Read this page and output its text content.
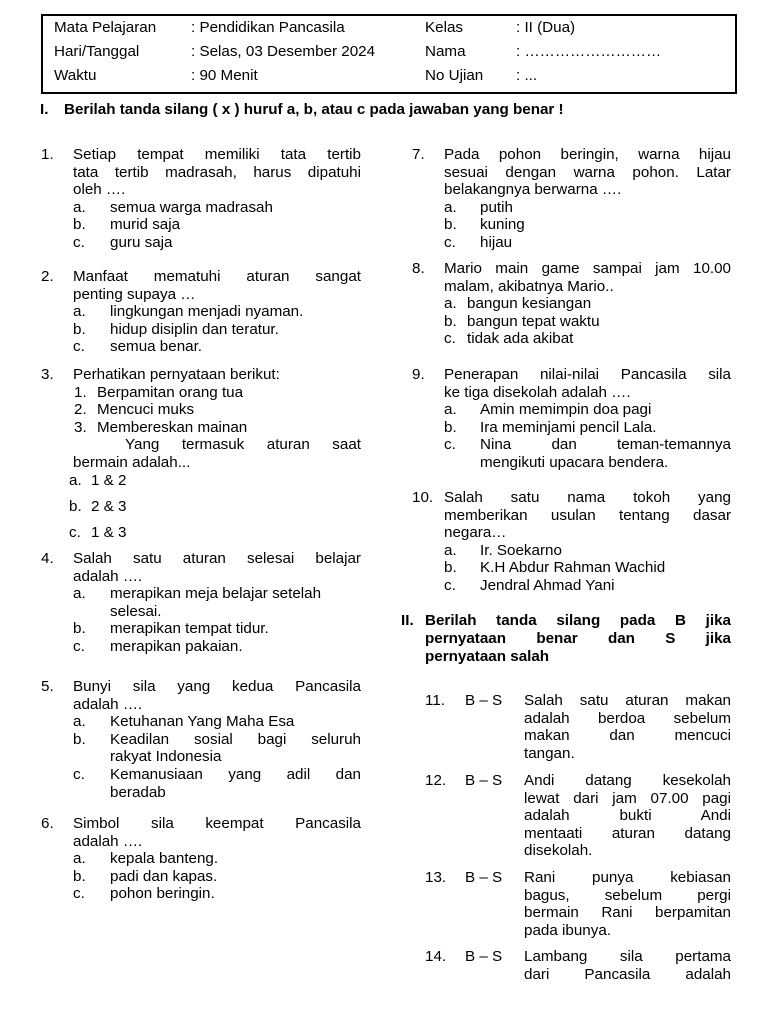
Mata Pelajaran : Pendidikan Pancasila	Kelas	: II (Dua)
Hari/Tanggal	: Selas, 03 Desember 2024	Nama	: ………………………
Waktu	: 90 Menit	No Ujian : ...
I. Berilah tanda silang ( x ) huruf a, b, atau c pada jawaban yang benar !
1. Setiap tempat memiliki tata tertib
tata tertib madrasah, harus dipatuhi
oleh ….
a. semua warga madrasah
b. murid saja
c. guru saja
2. Manfaat mematuhi aturan sangat
penting supaya …
a. lingkungan menjadi nyaman.
b. hidup disiplin dan teratur.
c. semua benar.
3. Perhatikan pernyataan berikut:
1. Berpamitan orang tua
2. Mencuci muks
3. Membereskan mainan
Yang termasuk aturan saat
bermain adalah...
a. 1 & 2
b. 2 & 3
c. 1 & 3
4. Salah satu aturan selesai belajar
adalah ….
a. merapikan meja belajar setelah
selesai.
b. merapikan tempat tidur.
c. merapikan pakaian.
5. Bunyi sila yang kedua Pancasila
adalah ….
a. Ketuhanan Yang Maha Esa
b. Keadilan sosial bagi seluruh
rakyat Indonesia
c. Kemanusiaan yang adil dan
beradab
6. Simbol sila keempat Pancasila
adalah ….
a. kepala banteng.
b. padi dan kapas.
c. pohon beringin.
7. Pada pohon beringin, warna hijau
sesuai dengan warna pohon. Latar
belakangnya berwarna ….
a. putih
b. kuning
c. hijau
8. Mario main game sampai jam 10.00
malam, akibatnya Mario..
a. bangun kesiangan
b. bangun tepat waktu
c. tidak ada akibat
9. Penerapan nilai-nilai Pancasila sila
ke tiga disekolah adalah ….
a. Amin memimpin doa pagi
b. Ira meminjami pencil Lala.
c. Nina dan teman-temannya
mengikuti upacara bendera.
10. Salah satu nama tokoh yang
memberikan usulan tentang dasar
negara…
a. Ir. Soekarno
b. K.H Abdur Rahman Wachid
c. Jendral Ahmad Yani
II. Berilah tanda silang pada B jika
pernyataan benar dan S jika
pernyataan salah
11. B – S Salah satu aturan makan
adalah berdoa sebelum
makan dan mencuci
tangan.
12. B – S Andi datang kesekolah
lewat dari jam 07.00 pagi
adalah bukti Andi
mentaati aturan datang
disekolah.
13. B – S Rani punya kebiasan
bagus, sebelum pergi
bermain Rani berpamitan
pada ibunya.
14. B – S Lambang sila pertama
dari Pancasila adalah
